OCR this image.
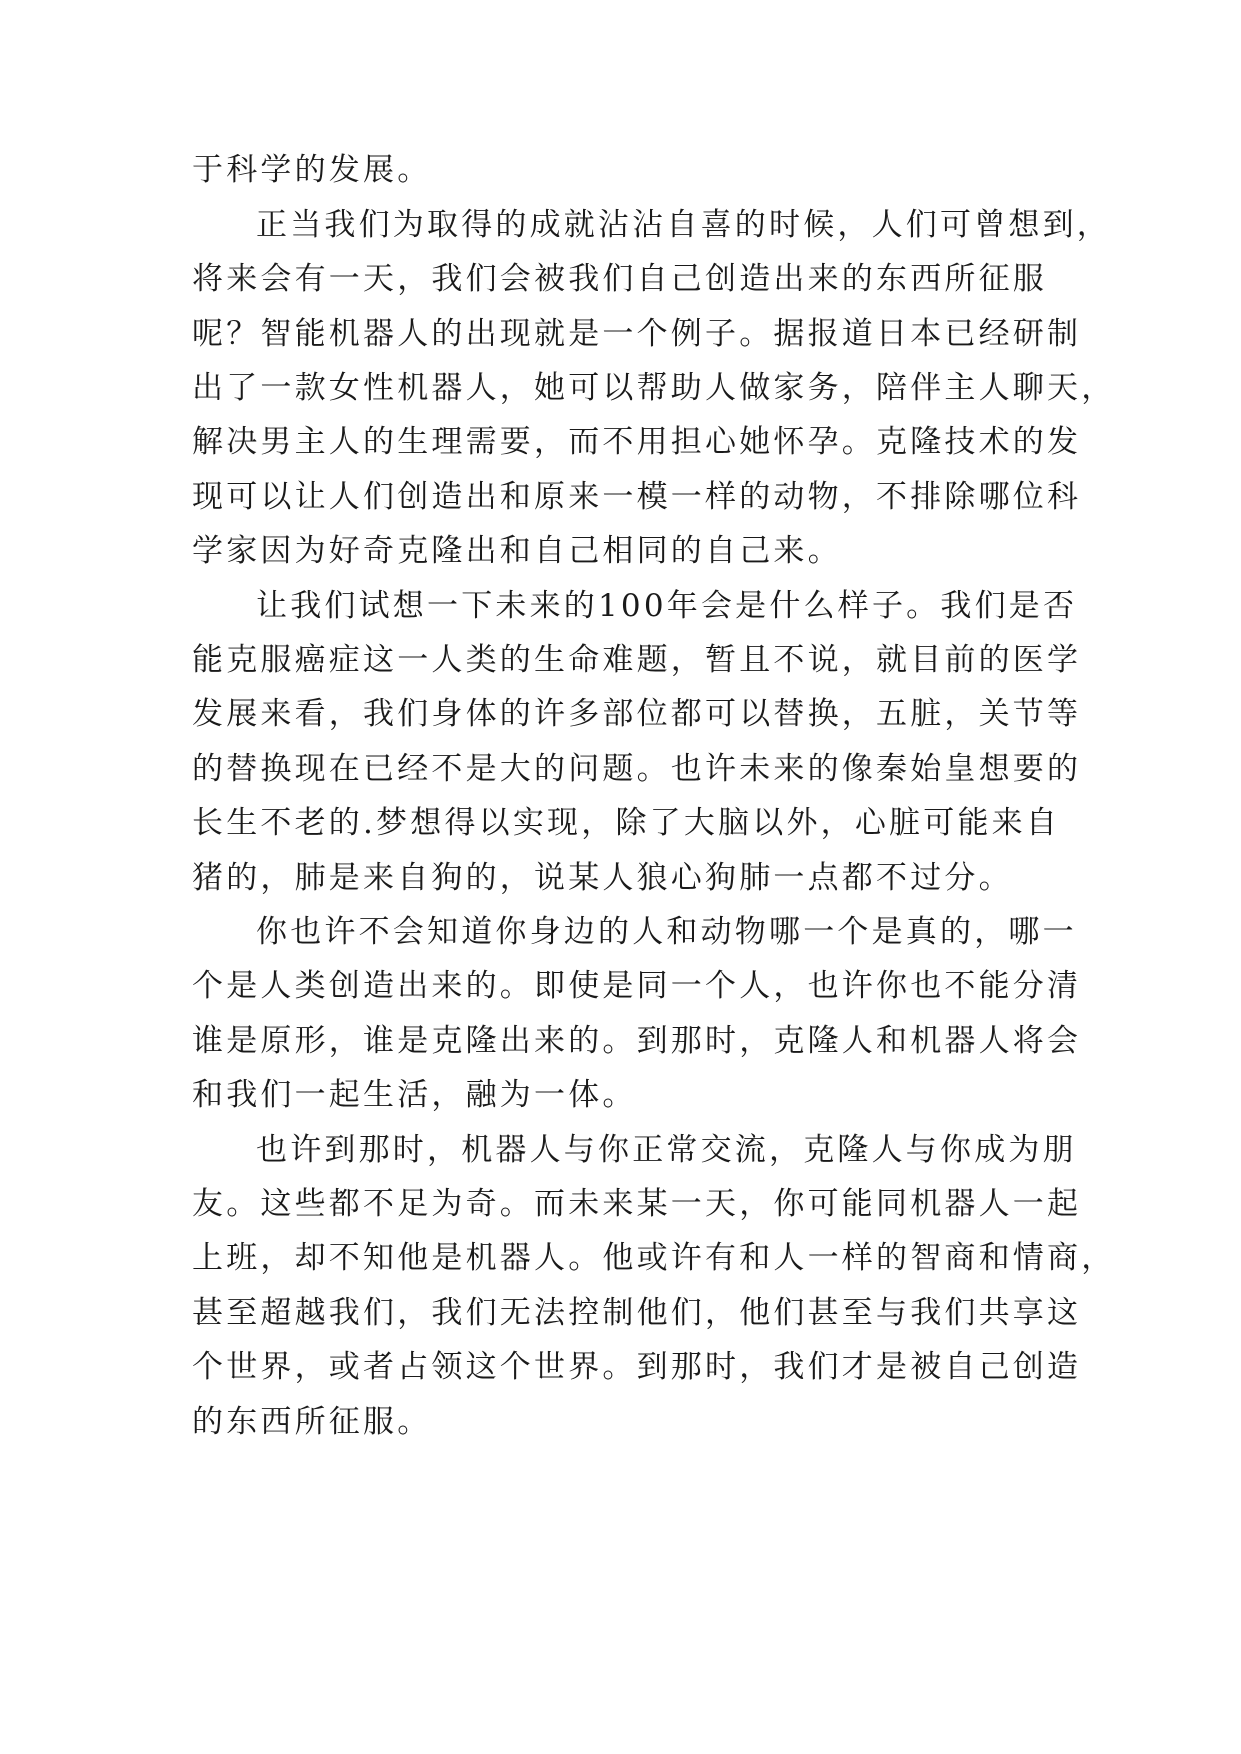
于科学的发展。
正当我们为取得的成就沾沾自喜的时候，人们可曾想到，
将来会有一天，我们会被我们自己创造出来的东西所征服
呢？智能机器人的出现就是一个例子。据报道日本已经研制
出了一款女性机器人，她可以帮助人做家务，陪伴主人聊天，
解决男主人的生理需要，而不用担心她怀孕。克隆技术的发
现可以让人们创造出和原来一模一样的动物，不排除哪位科
学家因为好奇克隆出和自己相同的自己来。
让我们试想一下未来的100年会是什么样子。我们是否
能克服癌症这一人类的生命难题，暂且不说，就目前的医学
发展来看，我们身体的许多部位都可以替换，五脏，关节等
的替换现在已经不是大的问题。也许未来的像秦始皇想要的
长生不老的.梦想得以实现，除了大脑以外，心脏可能来自
猪的，肺是来自狗的，说某人狼心狗肺一点都不过分。
你也许不会知道你身边的人和动物哪一个是真的，哪一
个是人类创造出来的。即使是同一个人，也许你也不能分清
谁是原形，谁是克隆出来的。到那时，克隆人和机器人将会
和我们一起生活，融为一体。
也许到那时，机器人与你正常交流，克隆人与你成为朋
友。这些都不足为奇。而未来某一天，你可能同机器人一起
上班，却不知他是机器人。他或许有和人一样的智商和情商，
甚至超越我们，我们无法控制他们，他们甚至与我们共享这
个世界，或者占领这个世界。到那时，我们才是被自己创造
的东西所征服。
